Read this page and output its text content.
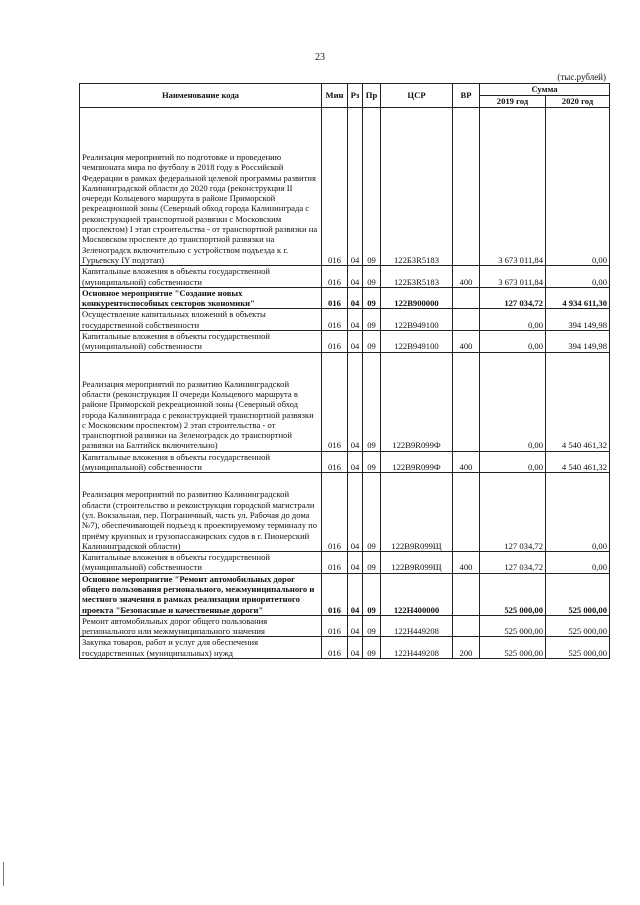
23
(тыс.рублей)
Наименование кода	Мин	Рз	Пр	ЦСР	ВР	Сумма	
						2019 год	2020 год
Реализация мероприятий по подготовке и проведению чемпионата мира по футболу в 2018 году в Российской Федерации в рамках федеральной целевой программы развития Калининградской области до 2020 года (реконструкция II очереди Кольцевого маршрута в районе Приморской рекреационной зоны (Северный обход города Калининграда с реконструкцией транспортной развязки с Московским проспектом) I этап строительства - от транспортной развязки на Московском проспекте до транспортной развязки на Зеленоградск включительно с устройством подъезда к г. Гурьевску IY подэтап)	016	04	09	122Б3R5183		3 673 011,84	0,00
Капитальные вложения в объекты государственной (муниципальной) собственности	016	04	09	122Б3R5183	400	3 673 011,84	0,00
Основное мероприятие "Создание новых конкурентоспособных секторов экономики"	016	04	09	122В900000		127 034,72	4 934 611,30
Осуществление капитальных вложений в объекты государственной собственности	016	04	09	122В949100		0,00	394 149,98
Капитальные вложения в объекты государственной (муниципальной) собственности	016	04	09	122В949100	400	0,00	394 149,98
Реализация мероприятий по развитию Калининградской области (реконструкция II очереди Кольцевого маршрута в районе Приморской рекреационной зоны (Северный обход города Калининграда с реконструкцией транспортной развязки с Московским проспектом) 2 этап строительства - от транспортной развязки на Зеленоградск до транспортной развязки на Балтийск включительно)	016	04	09	122В9R099Ф		0,00	4 540 461,32
Капитальные вложения в объекты государственной (муниципальной) собственности	016	04	09	122В9R099Ф	400	0,00	4 540 461,32
Реализация мероприятий по развитию Калининградской области (строительство и реконструкция городской магистрали (ул. Вокзальная, пер. Пограничный, часть ул. Рабочая до дома №7), обеспечивающей подъезд к проектируемому терминалу по приёму круизных и грузопассажирских судов в г. Пионерский Калининградской области)	016	04	09	122В9R099Щ		127 034,72	0,00
Капитальные вложения в объекты государственной (муниципальной) собственности	016	04	09	122В9R099Щ	400	127 034,72	0,00
Основное мероприятие "Ремонт автомобильных дорог общего пользования регионального, межмуниципального и местного значения в рамках реализации приоритетного проекта "Безопасные и качественные дороги"	016	04	09	122Н400000		525 000,00	525 000,00
Ремонт автомобильных дорог общего пользования регионального или межмуниципального значения	016	04	09	122Н449208		525 000,00	525 000,00
Закупка товаров, работ и услуг для обеспечения государственных (муниципальных) нужд	016	04	09	122Н449208	200	525 000,00	525 000,00
